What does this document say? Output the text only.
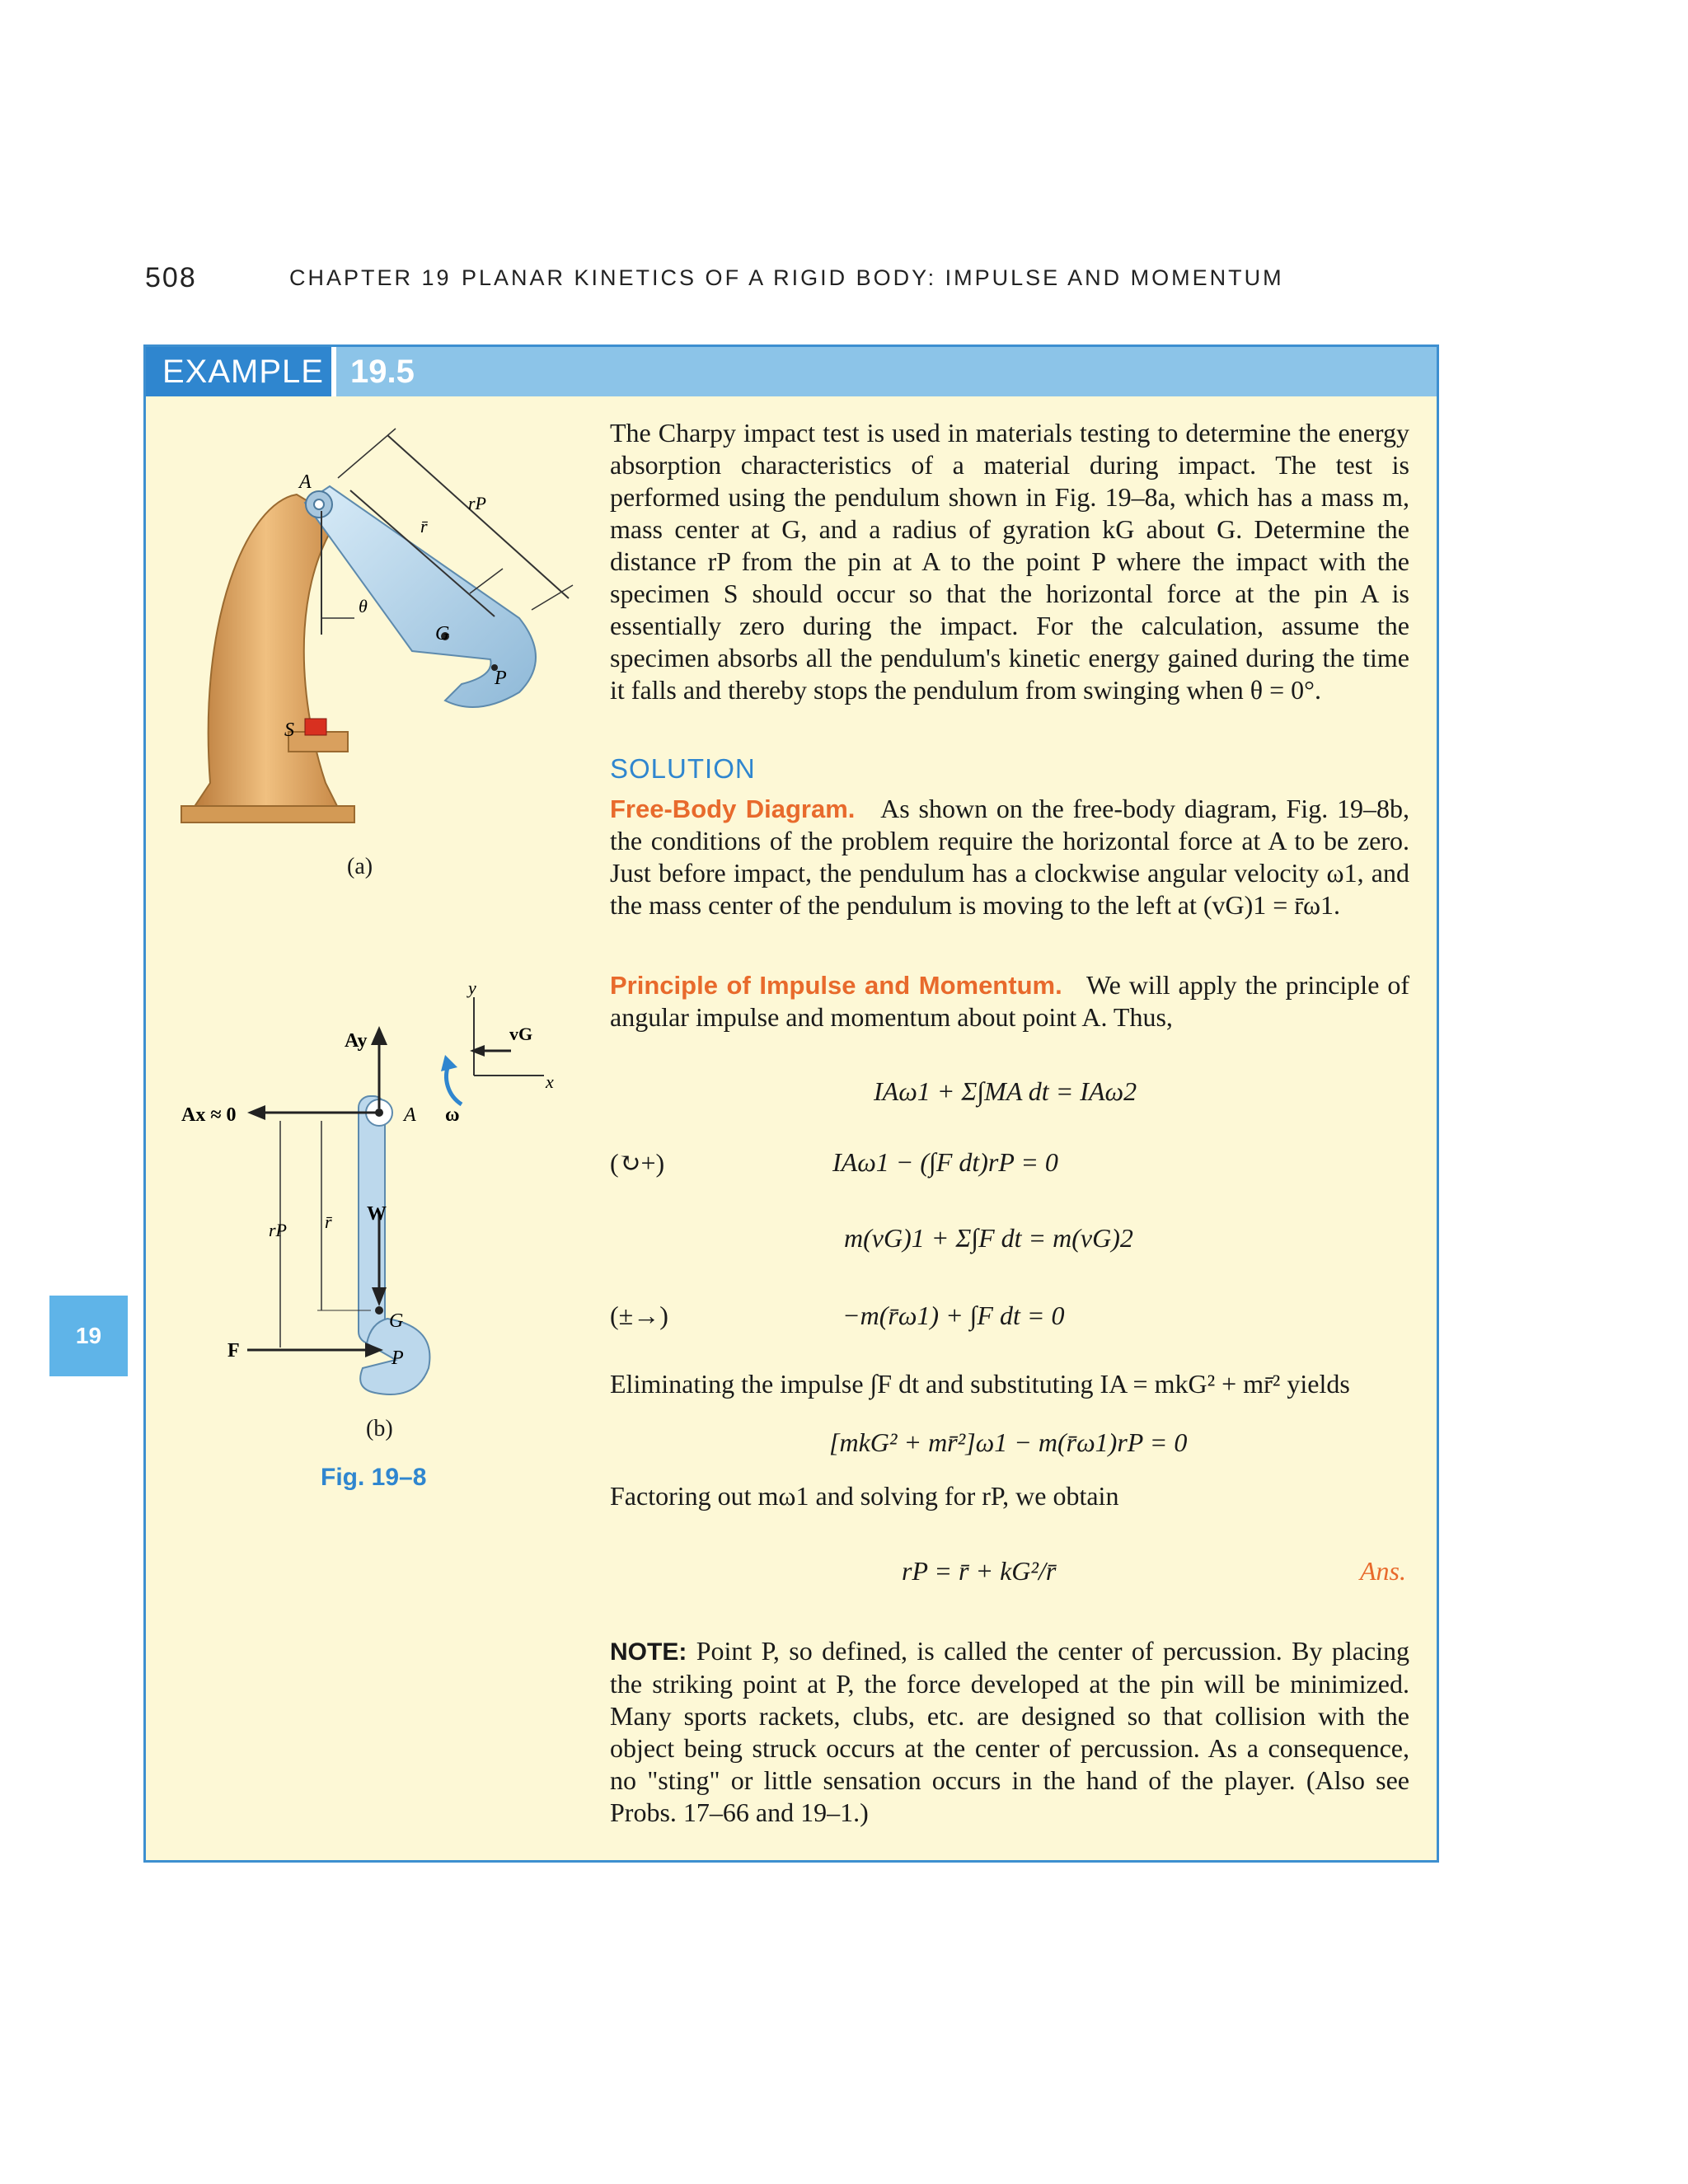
508	CHAPTER 19 PLANAR KINETICS OF A RIGID BODY: IMPULSE AND MOMENTUM
EXAMPLE 19.5
A
rP
r̄
θ
G
P
S
(a)
Ay
Ax ≈ 0	A
W
G
P
F
rP r̄
vG
ω
x
y
(b)
Fig. 19–8
The Charpy impact test is used in materials testing to determine the energy absorption characteristics of a material during impact. The test is performed using the pendulum shown in Fig. 19–8a, which has a mass m, mass center at G, and a radius of gyration kG about G. Determine the distance rP from the pin at A to the point P where the impact with the specimen S should occur so that the horizontal force at the pin A is essentially zero during the impact. For the calculation, assume the specimen absorbs all the pendulum's kinetic energy gained during the time it falls and thereby stops the pendulum from swinging when θ = 0°.
SOLUTION
Free-Body Diagram. As shown on the free-body diagram, Fig. 19–8b, the conditions of the problem require the horizontal force at A to be zero. Just before impact, the pendulum has a clockwise angular velocity ω1, and the mass center of the pendulum is moving to the left at (vG)1 = r̄ω1.
Principle of Impulse and Momentum. We will apply the principle of angular impulse and momentum about point A. Thus,
IAω1 + Σ∫MA dt = IAω2
(↻+)	IAω1 − (∫F dt)rP = 0
m(vG)1 + Σ∫F dt = m(vG)2
(±→)	−m(r̄ω1) + ∫F dt = 0
Eliminating the impulse ∫F dt and substituting IA = mkG² + mr̄² yields
[mkG² + mr̄²]ω1 − m(r̄ω1)rP = 0
Factoring out mω1 and solving for rP, we obtain
rP = r̄ + kG²/r̄	Ans.
NOTE: Point P, so defined, is called the center of percussion. By placing the striking point at P, the force developed at the pin will be minimized. Many sports rackets, clubs, etc. are designed so that collision with the object being struck occurs at the center of percussion. As a consequence, no "sting" or little sensation occurs in the hand of the player. (Also see Probs. 17–66 and 19–1.)
19
